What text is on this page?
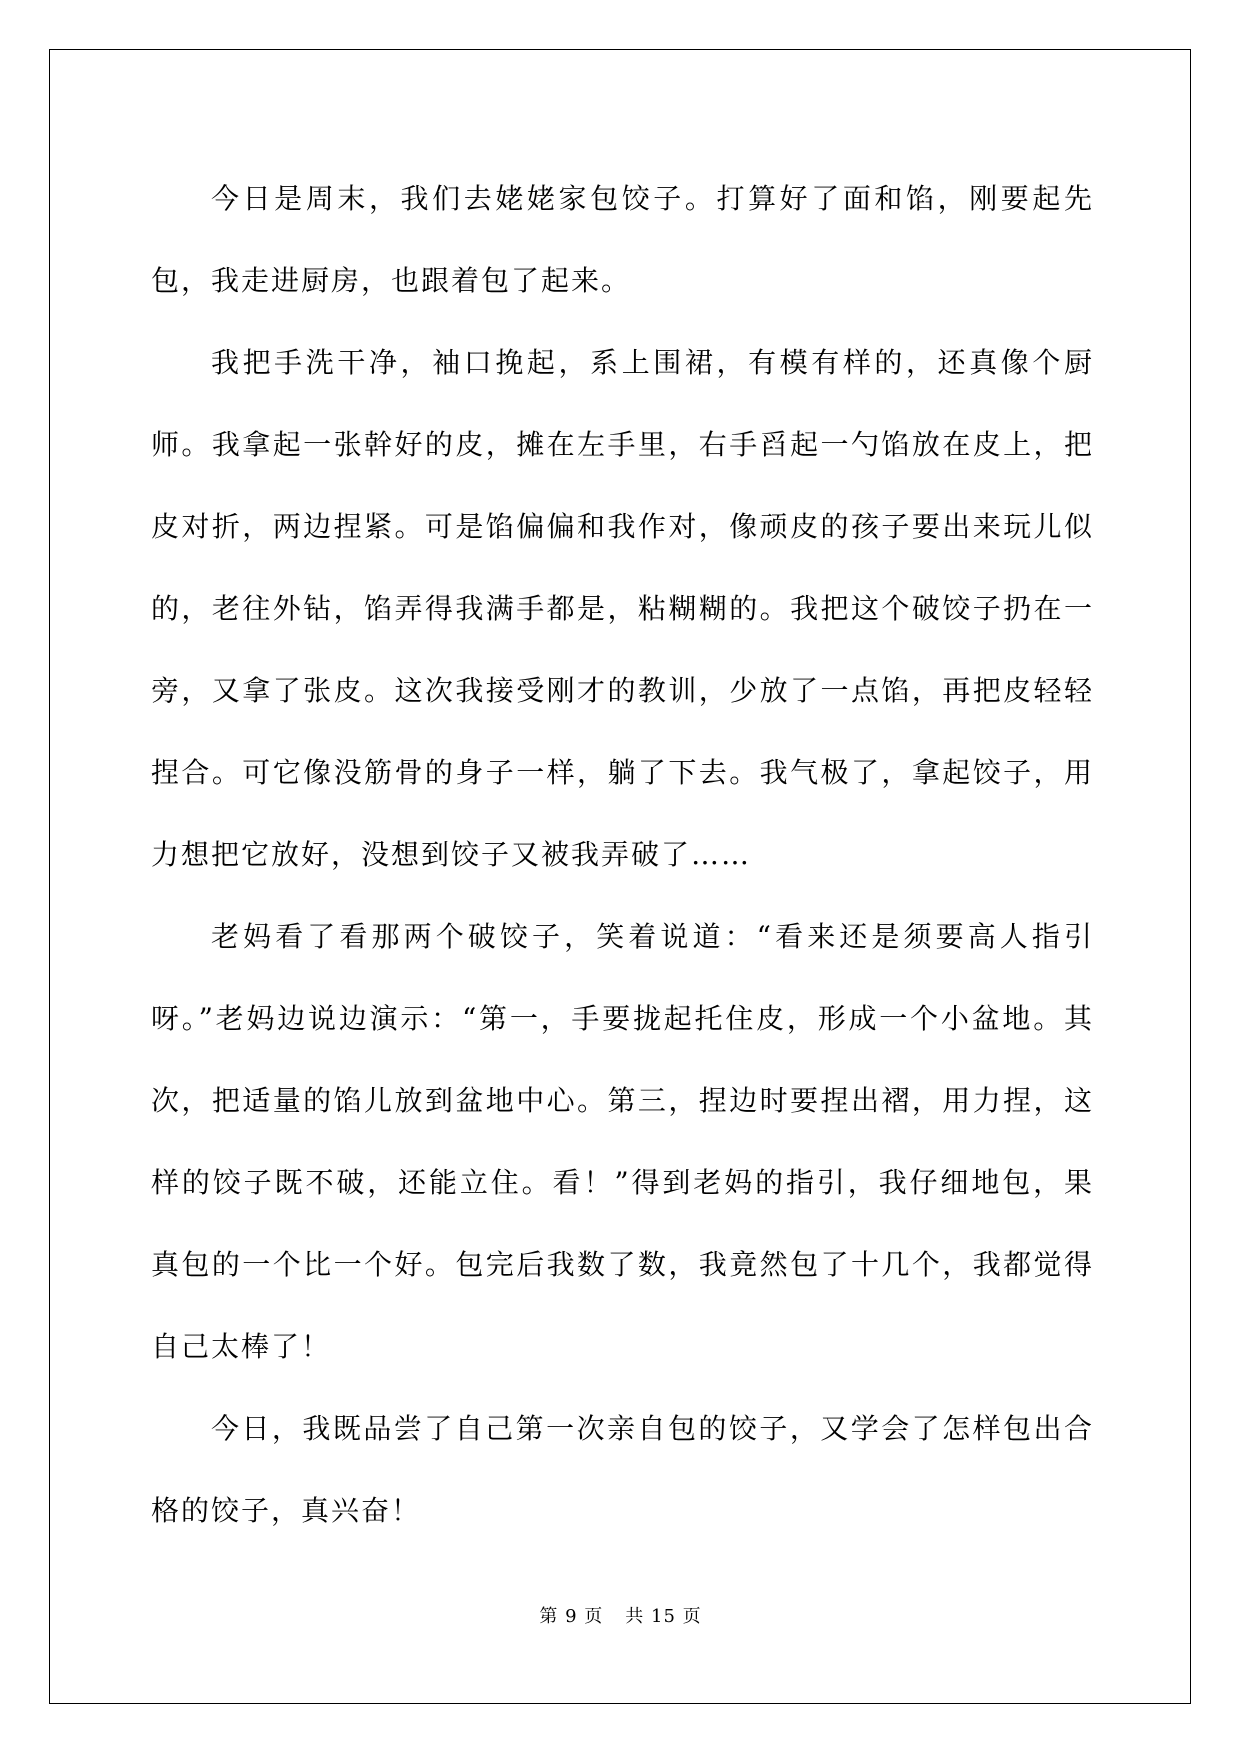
今日是周末，我们去姥姥家包饺子。打算好了面和馅，刚要起先包，我走进厨房，也跟着包了起来。

我把手洗干净，袖口挽起，系上围裙，有模有样的，还真像个厨师。我拿起一张幹好的皮，摊在左手里，右手舀起一勺馅放在皮上，把皮对折，两边捏紧。可是馅偏偏和我作对，像顽皮的孩子要出来玩儿似的，老往外钻，馅弄得我满手都是，粘糊糊的。我把这个破饺子扔在一旁，又拿了张皮。这次我接受刚才的教训，少放了一点馅，再把皮轻轻捏合。可它像没筋骨的身子一样，躺了下去。我气极了，拿起饺子，用力想把它放好，没想到饺子又被我弄破了……

老妈看了看那两个破饺子，笑着说道：“看来还是须要高人指引呀。”老妈边说边演示：“第一，手要拢起托住皮，形成一个小盆地。其次，把适量的馅儿放到盆地中心。第三，捏边时要捏出褶，用力捏，这样的饺子既不破，还能立住。看！”得到老妈的指引，我仔细地包，果真包的一个比一个好。包完后我数了数，我竟然包了十几个，我都觉得自己太棒了！

今日，我既品尝了自己第一次亲自包的饺子，又学会了怎样包出合格的饺子，真兴奋！

第 9 页 共 15 页
